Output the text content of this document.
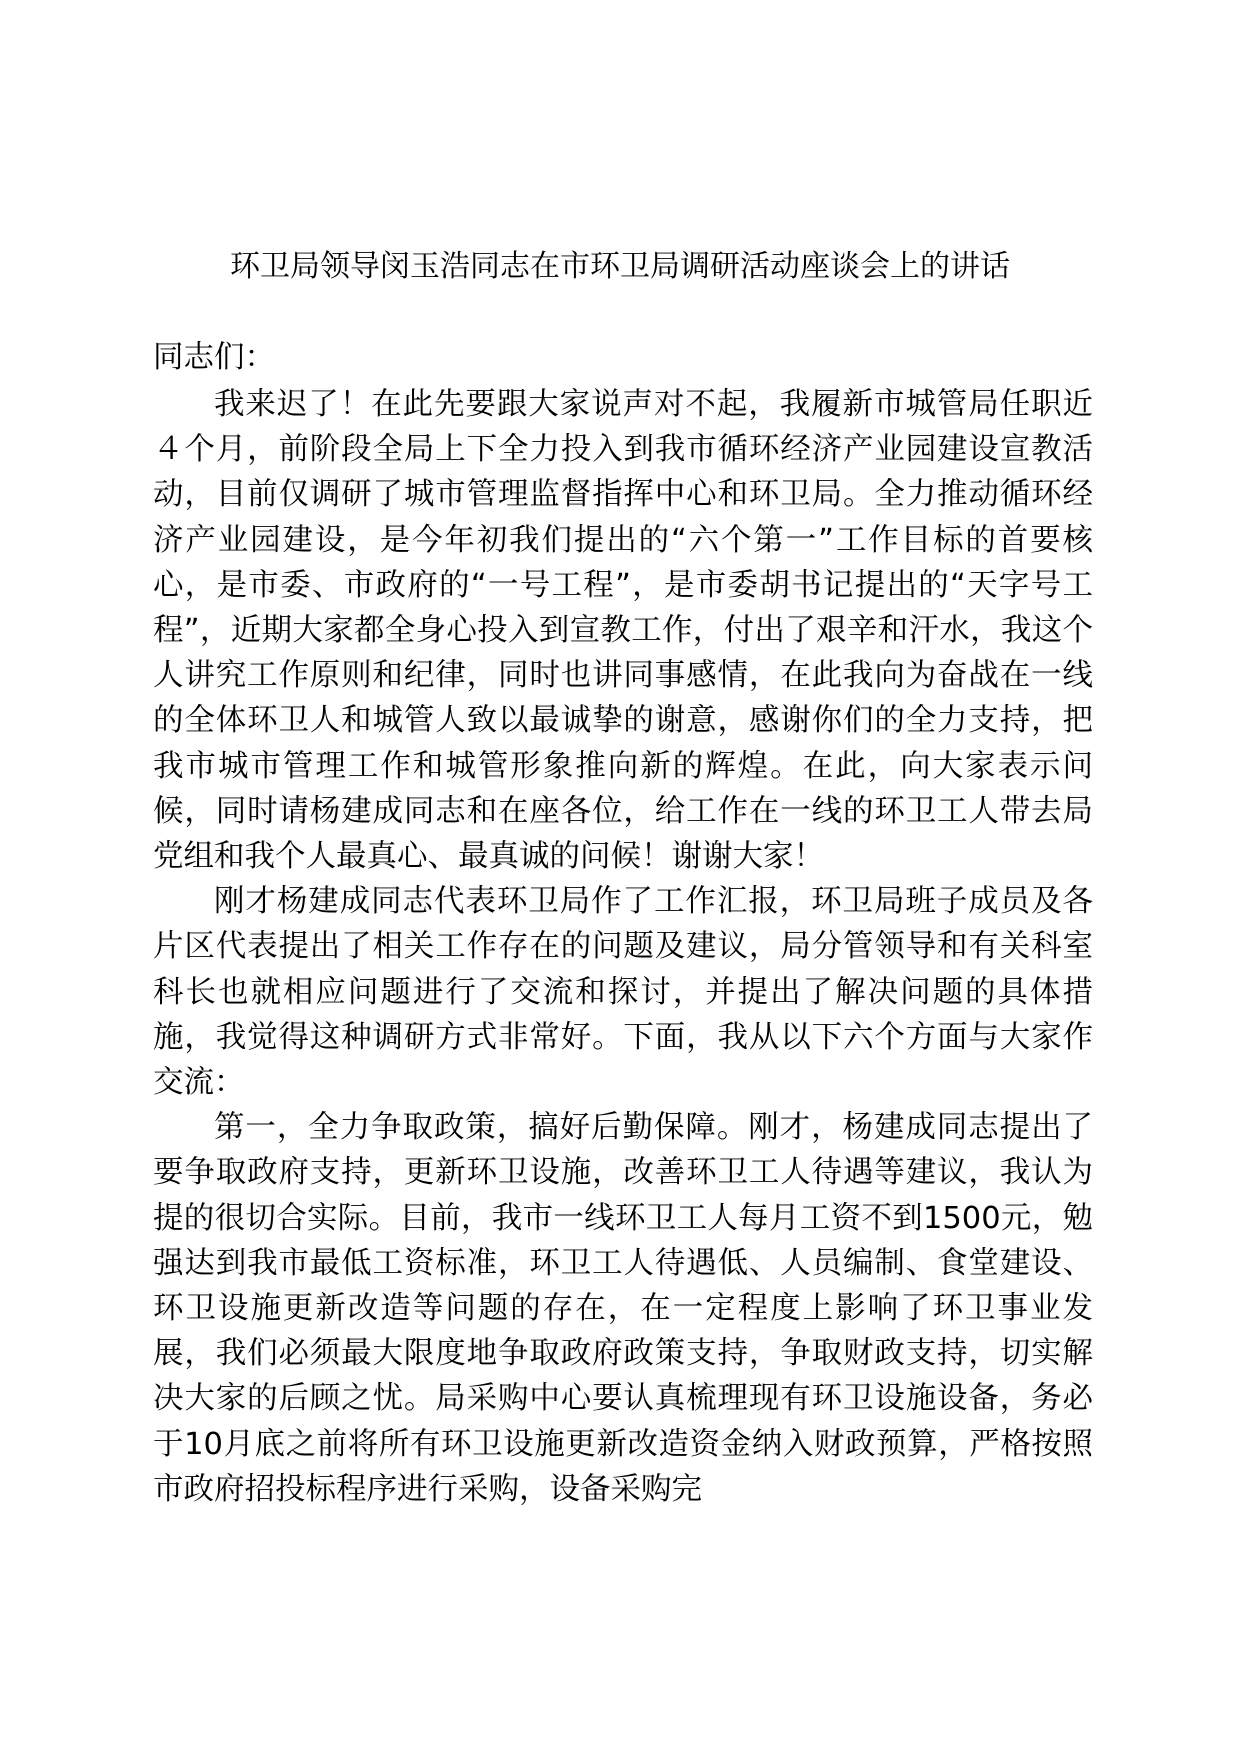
环卫局领导闵玉浩同志在市环卫局调研活动座谈会上的讲话
同志们：

我来迟了！在此先要跟大家说声对不起，我履新市城管局任职近４个月，前阶段全局上下全力投入到我市循环经济产业园建设宣教活动，目前仅调研了城市管理监督指挥中心和环卫局。全力推动循环经济产业园建设，是今年初我们提出的“六个第一”工作目标的首要核心，是市委、市政府的“一号工程”，是市委胡书记提出的“天字号工程”，近期大家都全身心投入到宣教工作，付出了艰辛和汗水，我这个人讲究工作原则和纪律，同时也讲同事感情，在此我向为奋战在一线的全体环卫人和城管人致以最诚挚的谢意，感谢你们的全力支持，把我市城市管理工作和城管形象推向新的辉煌。在此，向大家表示问候，同时请杨建成同志和在座各位，给工作在一线的环卫工人带去局党组和我个人最真心、最真诚的问候！谢谢大家！

刚才杨建成同志代表环卫局作了工作汇报，环卫局班子成员及各片区代表提出了相关工作存在的问题及建议，局分管领导和有关科室科长也就相应问题进行了交流和探讨，并提出了解决问题的具体措施，我觉得这种调研方式非常好。下面，我从以下六个方面与大家作交流：

第一，全力争取政策，搞好后勤保障。刚才，杨建成同志提出了要争取政府支持，更新环卫设施，改善环卫工人待遇等建议，我认为提的很切合实际。目前，我市一线环卫工人每月工资不到1500元，勉强达到我市最低工资标准，环卫工人待遇低、人员编制、食堂建设、环卫设施更新改造等问题的存在，在一定程度上影响了环卫事业发展，我们必须最大限度地争取政府政策支持，争取财政支持，切实解决大家的后顾之忧。局采购中心要认真梳理现有环卫设施设备，务必于10月底之前将所有环卫设施更新改造资金纳入财政预算，严格按照市政府招投标程序进行采购，设备采购完
